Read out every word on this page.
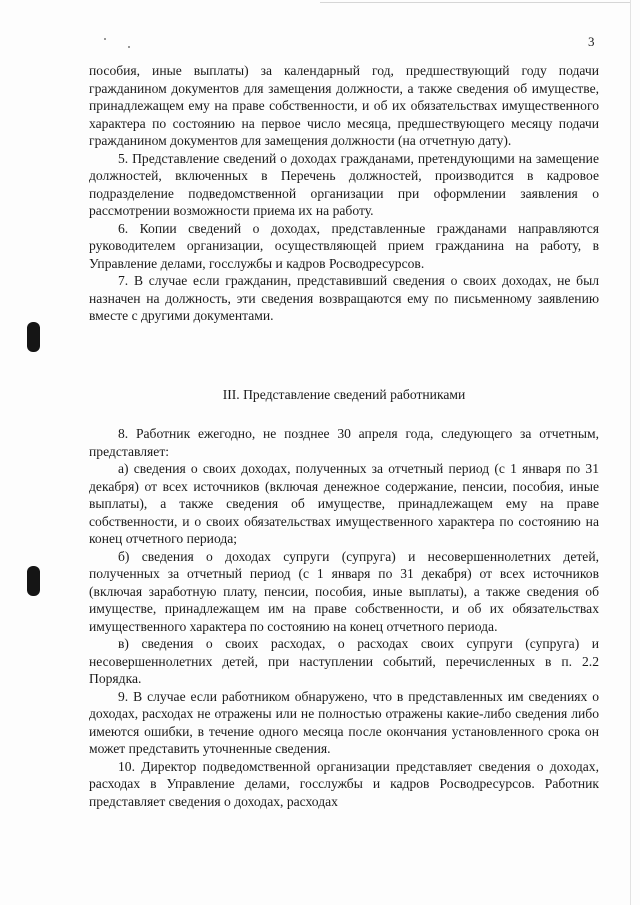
3

пособия, иные выплаты) за календарный год, предшествующий году подачи гражданином документов для замещения должности, а также сведения об имуществе, принадлежащем ему на праве собственности, и об их обязательствах имущественного характера по состоянию на первое число месяца, предшествующего месяцу подачи гражданином документов для замещения должности (на отчетную дату).

5. Представление сведений о доходах гражданами, претендующими на замещение должностей, включенных в Перечень должностей, производится в кадровое подразделение подведомственной организации при оформлении заявления о рассмотрении возможности приема их на работу.

6. Копии сведений о доходах, представленные гражданами направляются руководителем организации, осуществляющей прием гражданина на работу, в Управление делами, госслужбы и кадров Росводресурсов.

7. В случае если гражданин, представивший сведения о своих доходах, не был назначен на должность, эти сведения возвращаются ему по письменному заявлению вместе с другими документами.

III. Представление сведений работниками

8. Работник ежегодно, не позднее 30 апреля года, следующего за отчетным, представляет:

а) сведения о своих доходах, полученных за отчетный период (с 1 января по 31 декабря) от всех источников (включая денежное содержание, пенсии, пособия, иные выплаты), а также сведения об имуществе, принадлежащем ему на праве собственности, и о своих обязательствах имущественного характера по состоянию на конец отчетного периода;

б) сведения о доходах супруги (супруга) и несовершеннолетних детей, полученных за отчетный период (с 1 января по 31 декабря) от всех источников (включая заработную плату, пенсии, пособия, иные выплаты), а также сведения об имуществе, принадлежащем им на праве собственности, и об их обязательствах имущественного характера по состоянию на конец отчетного периода.

в) сведения о своих расходах, о расходах своих супруги (супруга) и несовершеннолетних детей, при наступлении событий, перечисленных в п. 2.2 Порядка.

9. В случае если работником обнаружено, что в представленных им сведениях о доходах, расходах не отражены или не полностью отражены какие-либо сведения либо имеются ошибки, в течение одного месяца после окончания установленного срока он может представить уточненные сведения.

10. Директор подведомственной организации представляет сведения о доходах, расходах в Управление делами, госслужбы и кадров Росводресурсов. Работник представляет сведения о доходах, расходах
